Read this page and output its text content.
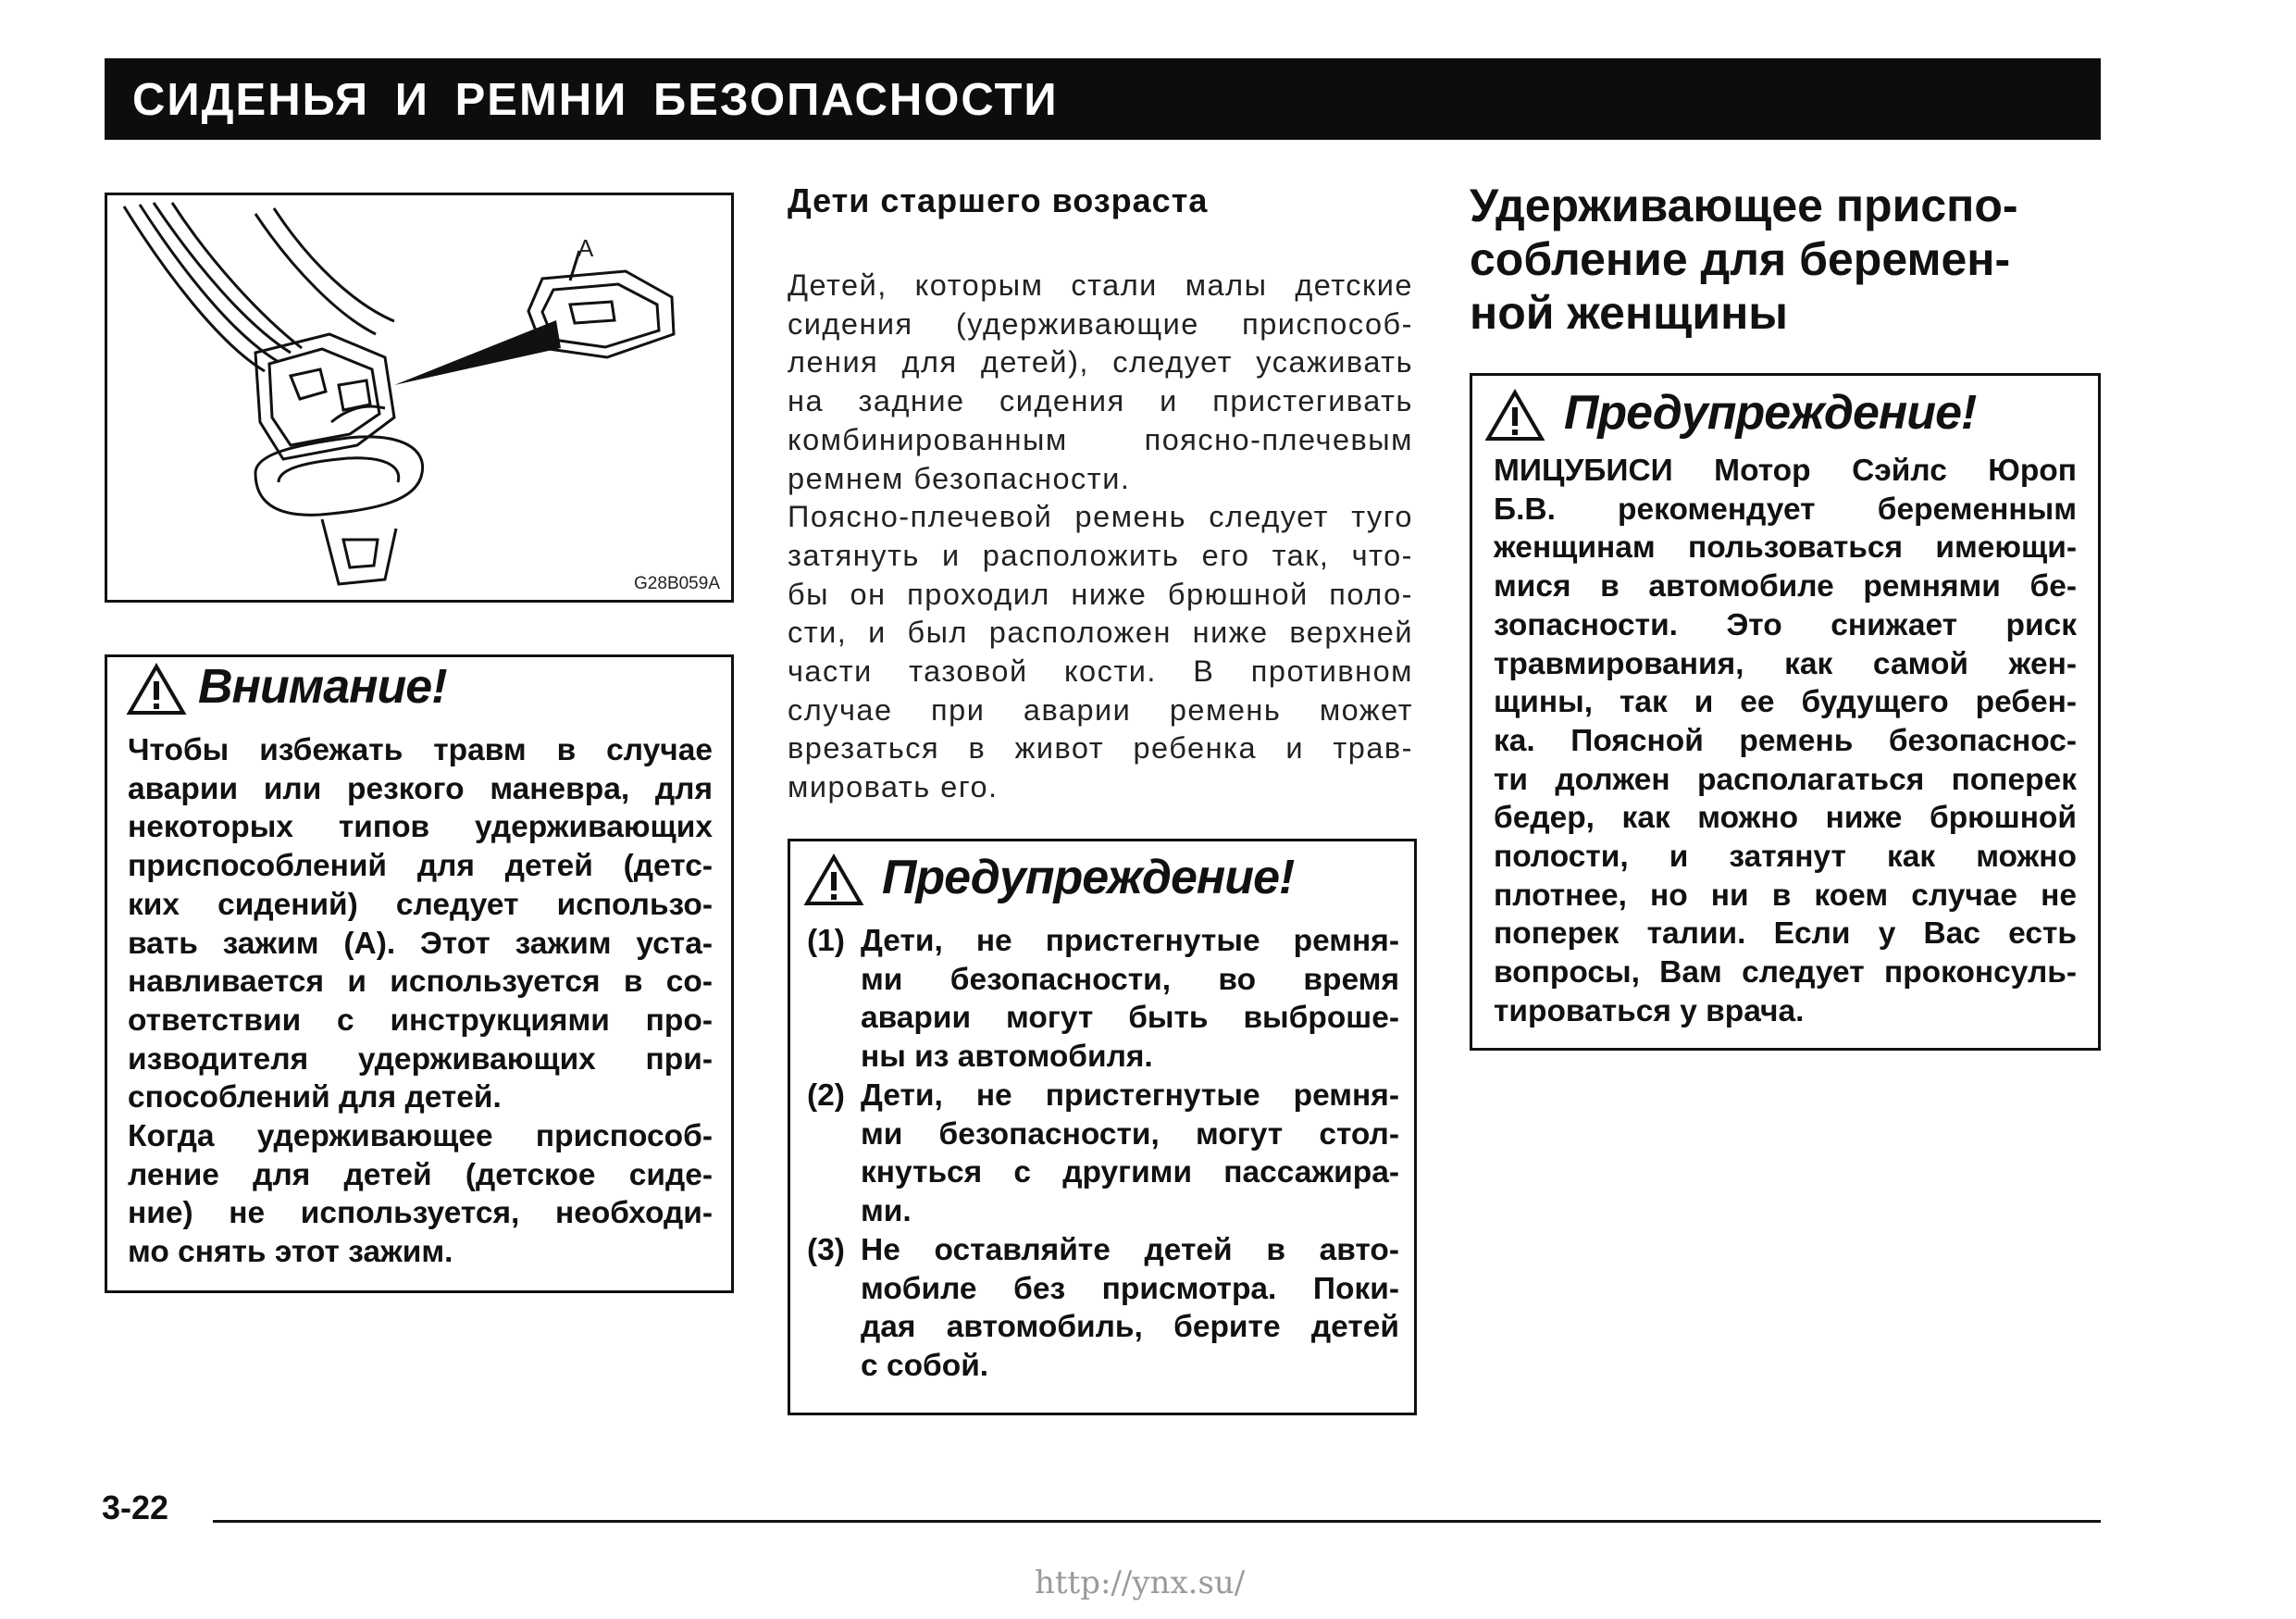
СИДЕНЬЯ И РЕМНИ БЕЗОПАСНОСТИ
A
G28B059A
Внимание!
Чтобы избежать травм в случае
аварии или резкого маневра, для
некоторых типов удерживающих
приспособлений для детей (детс-
ких сидений) следует использо-
вать зажим (A). Этот зажим уста-
навливается и используется в со-
ответствии с инструкциями про-
изводителя удерживающих при-
способлений для детей.
Когда удерживающее приспособ-
ление для детей (детское сиде-
ние) не используется, необходи-
мо снять этот зажим.
Дети старшего возраста
Детей, которым стали малы детские
сидения (удерживающие приспособ-
ления для детей), следует усаживать
на задние сидения и пристегивать
комбинированным поясно-плечевым
ремнем безопасности.
Поясно-плечевой ремень следует туго
затянуть и расположить его так, что-
бы он проходил ниже брюшной поло-
сти, и был расположен ниже верхней
части тазовой кости. В противном
случае при аварии ремень может
врезаться в живот ребенка и трав-
мировать его.
Предупреждение!
(1) Дети, не пристегнутые ремня-
ми безопасности, во время
аварии могут быть выброше-
ны из автомобиля.
(2) Дети, не пристегнутые ремня-
ми безопасности, могут стол-
кнуться с другими пассажира-
ми.
(3) Не оставляйте детей в авто-
мобиле без присмотра. Поки-
дая автомобиль, берите детей
с собой.
Удерживающее приспо-
собление для беремен-
ной женщины
Предупреждение!
МИЦУБИСИ Мотор Сэйлс Юроп
Б.В. рекомендует беременным
женщинам пользоваться имеющи-
мися в автомобиле ремнями бе-
зопасности. Это снижает риск
травмирования, как самой жен-
щины, так и ее будущего ребен-
ка. Поясной ремень безопаснос-
ти должен располагаться поперек
бедер, как можно ниже брюшной
полости, и затянут как можно
плотнее, но ни в коем случае не
поперек талии. Если у Вас есть
вопросы, Вам следует проконсуль-
тироваться у врача.
3-22
http://ynx.su/
